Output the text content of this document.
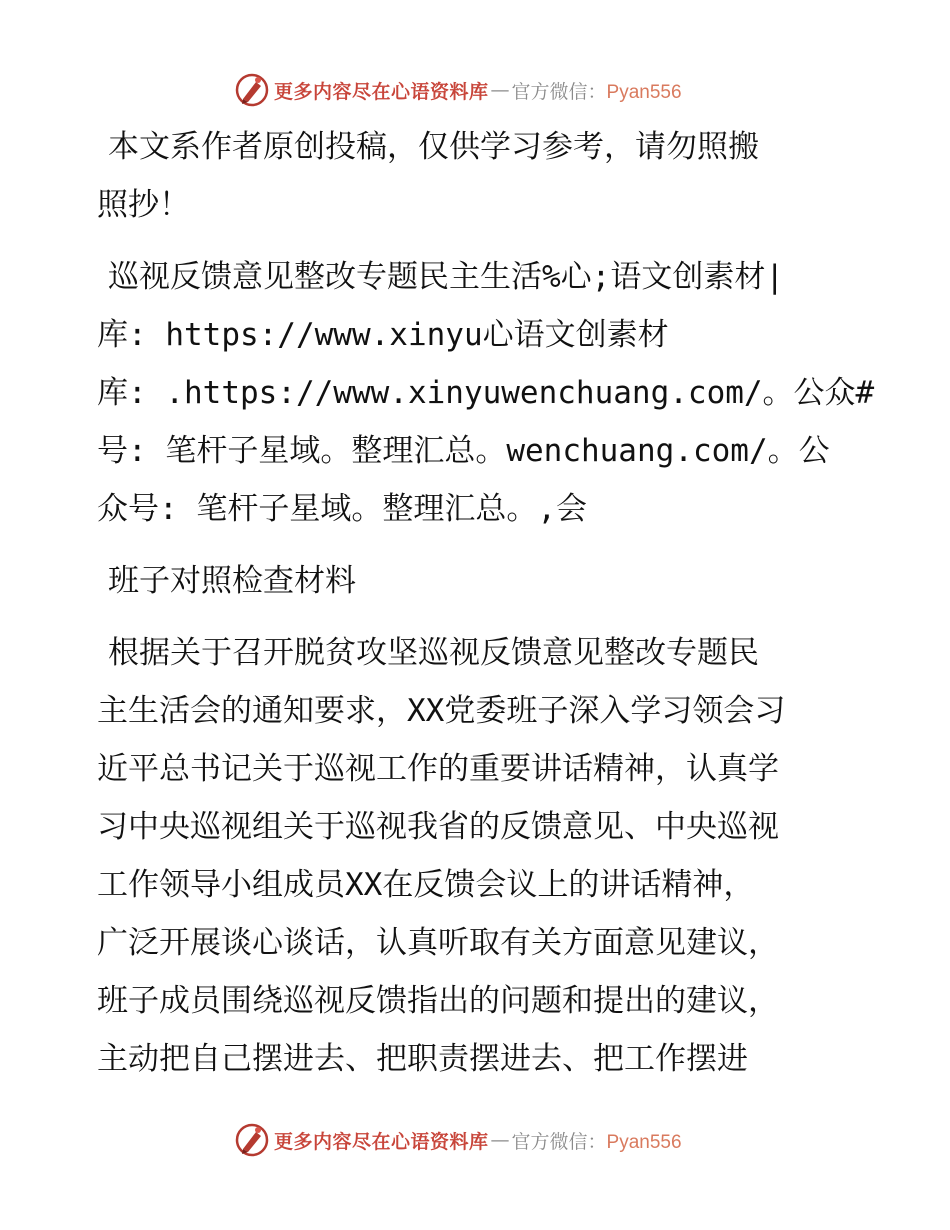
更多内容尽在心语资料库 — 官方微信：Pyan556

本文系作者原创投稿，仅供学习参考，请勿照搬
照抄！

巡视反馈意见整改专题民主生活%心;语文创素材|
库: https://www.xinyu心语文创素材
库: .https://www.xinyuwenchuang.com/。公众#
号: 笔杆子星域。整理汇总。wenchuang.com/。公
众号: 笔杆子星域。整理汇总。,会

班子对照检查材料

根据关于召开脱贫攻坚巡视反馈意见整改专题民
主生活会的通知要求，XX党委班子深入学习领会习
近平总书记关于巡视工作的重要讲话精神，认真学
习中央巡视组关于巡视我省的反馈意见、中央巡视
工作领导小组成员XX在反馈会议上的讲话精神，
广泛开展谈心谈话，认真听取有关方面意见建议，
班子成员围绕巡视反馈指出的问题和提出的建议，
主动把自己摆进去、把职责摆进去、把工作摆进

更多内容尽在心语资料库 — 官方微信：Pyan556
